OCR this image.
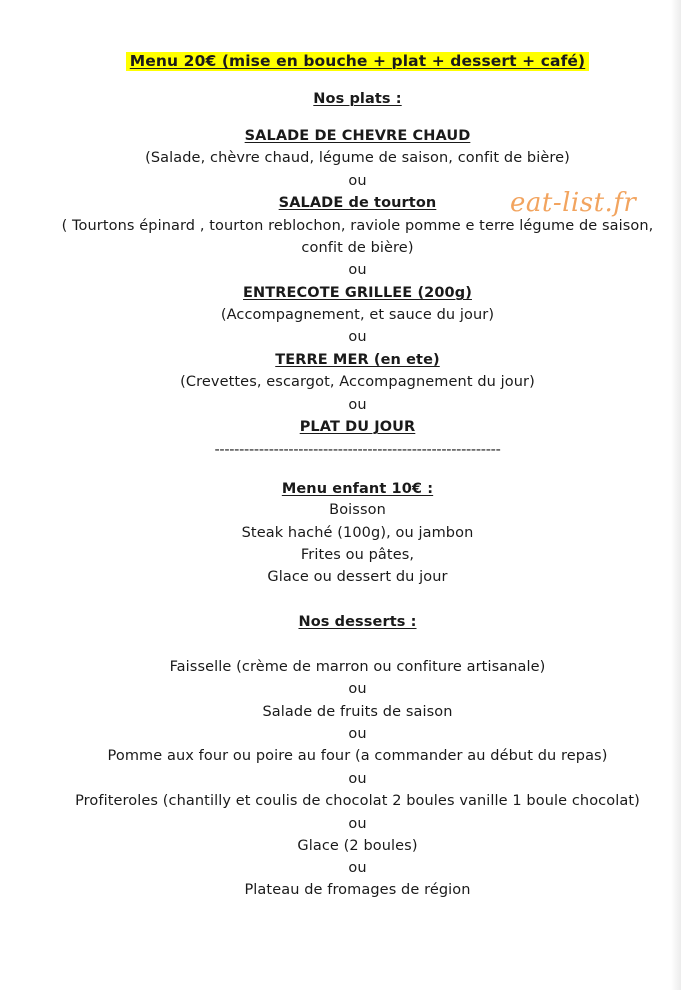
Menu 20€ (mise en bouche + plat + dessert + café)
Nos plats :
SALADE DE CHEVRE CHAUD
(Salade, chèvre chaud, légume de saison, confit de bière)
ou
SALADE de tourton
( Tourtons épinard , tourton reblochon, raviole pomme e terre légume de saison,
confit de bière)
ou
ENTRECOTE GRILLEE (200g)
(Accompagnement, et sauce du jour)
ou
TERRE MER (en ete)
(Crevettes, escargot, Accompagnement du jour)
ou
PLAT DU JOUR
----------------------------------------------------------
Menu enfant 10€ :
Boisson
Steak haché (100g), ou jambon
Frites ou pâtes,
Glace ou dessert du jour
Nos desserts :
Faisselle (crème de marron ou confiture artisanale)
ou
Salade de fruits de saison
ou
Pomme aux four ou poire au four (a commander au début du repas)
ou
Profiteroles (chantilly et coulis de chocolat 2 boules vanille 1 boule chocolat)
ou
Glace (2 boules)
ou
Plateau de fromages de région
eat-list.fr
